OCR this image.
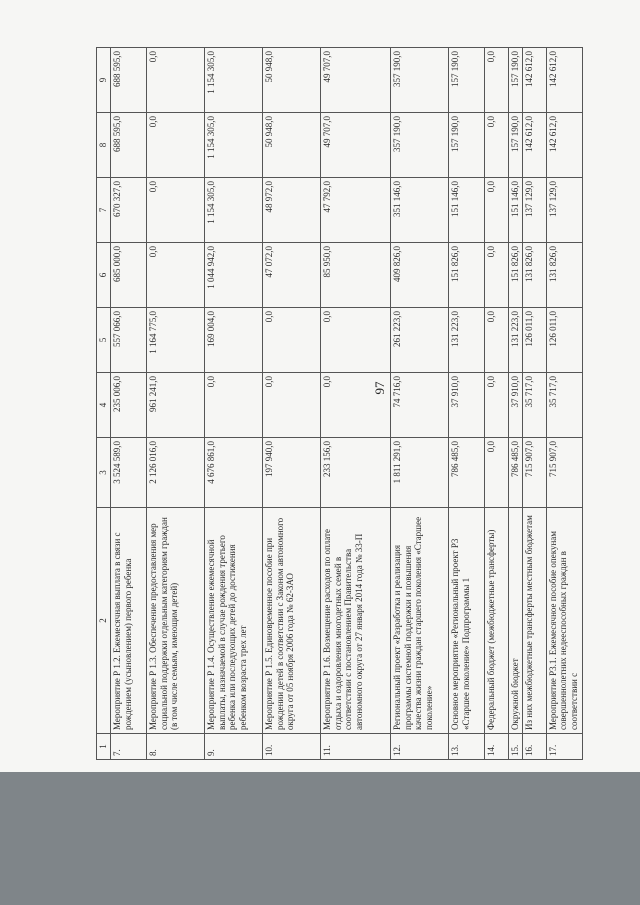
97
1	2	3	4	5	6	7	8	9
7.	Мероприятие Р 1.2. Ежемесячная выплата в связи с рождением (усыновлением) первого ребенка	3 524 589,0	235 006,0	557 066,0	685 000,0	670 327,0	688 595,0	688 595,0
8.	Мероприятие Р 1.3. Обеспечение предоставления мер социальной поддержки отдельным категориям граждан (в том числе семьям, имеющим детей)	2 126 016,0	961 241,0	1 164 775,0	0,0	0,0	0,0	0,0
9.	Мероприятие Р 1.4. Осуществление ежемесячной выплаты, назначаемой в случае рождения третьего ребенка или последующих детей до достижения ребенком возраста трех лет	4 676 861,0	0,0	169 004,0	1 044 942,0	1 154 305,0	1 154 305,0	1 154 305,0
10.	Мероприятие Р 1.5. Единовременное пособие при рождении детей в соответствии с Законом автономного округа от 05 ноября 2006 года № 62-ЗАО	197 940,0	0,0	0,0	47 072,0	48 972,0	50 948,0	50 948,0
11.	Мероприятие Р 1.6. Возмещение расходов по оплате отдыха и оздоровления многодетных семей в соответствии с постановлением Правительства автономного округа от 27 января 2014 года № 33-П	233 156,0	0,0	0,0	85 950,0	47 792,0	49 707,0	49 707,0
12.	Региональный проект «Разработка и реализация программы системной поддержки и повышения качества жизни граждан старшего поколения «Старшее поколение»	1 811 291,0	74 716,0	261 223,0	409 826,0	351 146,0	357 190,0	357 190,0
13.	Основное мероприятие «Региональный проект Р3 «Старшее поколение» Подпрограммы 1	786 485,0	37 910,0	131 223,0	151 826,0	151 146,0	157 190,0	157 190,0
14.	Федеральный бюджет (межбюджетные трансферты)	0,0	0,0	0,0	0,0	0,0	0,0	0,0
15.	Окружной бюджет	786 485,0	37 910,0	131 223,0	151 826,0	151 146,0	157 190,0	157 190,0
16.	Из них межбюджетные трансферты местным бюджетам	715 907,0	35 717,0	126 011,0	131 826,0	137 129,0	142 612,0	142 612,0
17.	Мероприятие Р3.1. Ежемесячное пособие опекунам совершеннолетних недееспособных граждан в соответствии с	715 907,0	35 717,0	126 011,0	131 826,0	137 129,0	142 612,0	142 612,0
